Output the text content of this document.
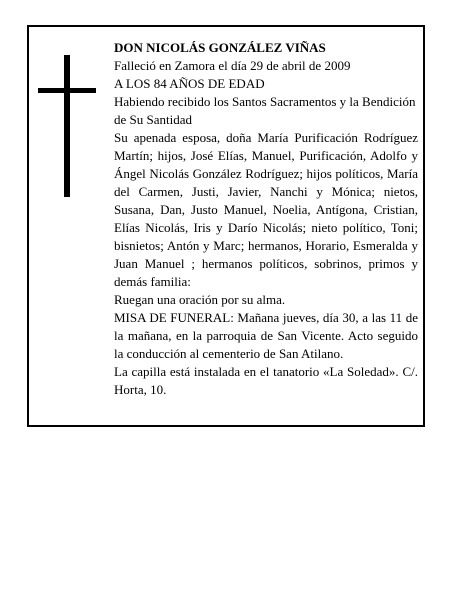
DON NICOLÁS GONZÁLEZ VIÑAS

Falleció en Zamora el día 29 de abril de 2009

A LOS 84 AÑOS DE EDAD

Habiendo recibido los Santos Sacramentos y la Bendición de Su Santidad

Su apenada esposa, doña María Purificación Rodríguez Martín; hijos, José Elías, Manuel, Purificación, Adolfo y Ángel Nicolás González Rodríguez; hijos políticos, María del Carmen, Justi, Javier, Nanchi y Mónica; nietos, Susana, Dan, Justo Manuel, Noelia, Antígona, Cristian, Elías Nicolás, Iris y Darío Nicolás; nieto político, Toni; bisnietos; Antón y Marc; hermanos, Horario, Esmeralda y Juan Manuel ; hermanos políticos, sobrinos, primos y demás familia:

Ruegan una oración por su alma.

MISA DE FUNERAL: Mañana jueves, día 30, a las 11 de la mañana, en la parroquia de San Vicente. Acto seguido la conducción al cementerio de San Atilano.

La capilla está instalada en el tanatorio «La Soledad». C/. Horta, 10.
